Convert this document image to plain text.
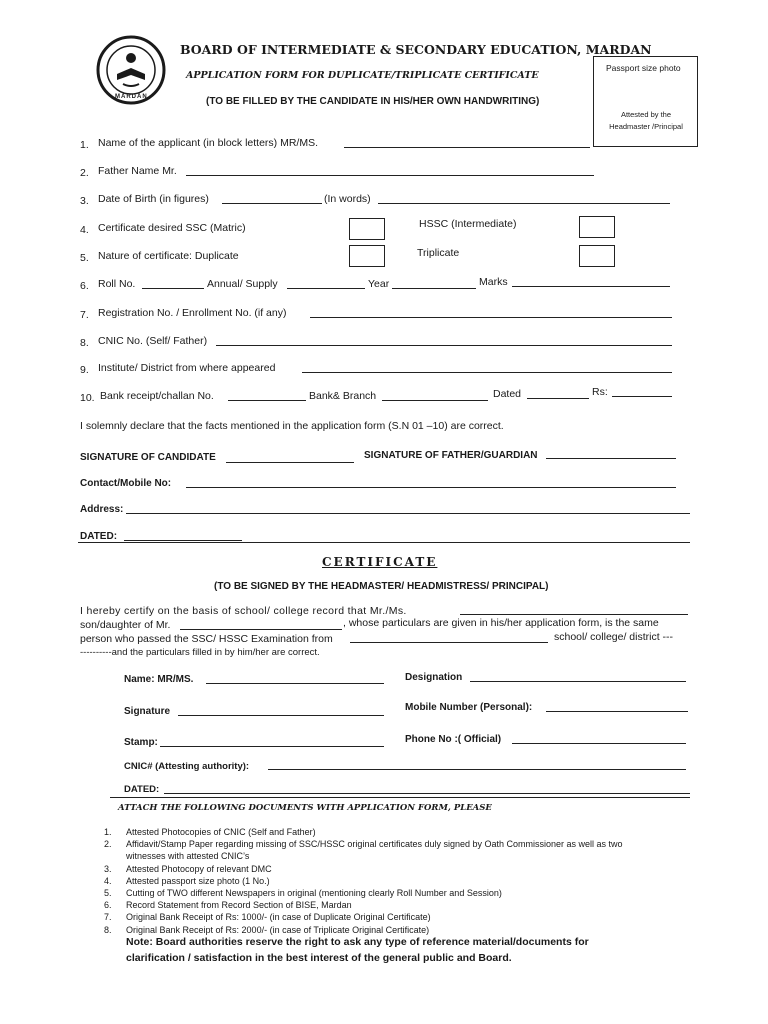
MARDAN
BOARD OF INTERMEDIATE & SECONDARY EDUCATION, MARDAN
APPLICATION FORM FOR DUPLICATE/TRIPLICATE CERTIFICATE
(TO BE FILLED BY THE CANDIDATE IN HIS/HER OWN HANDWRITING)
Passport size photo
Attested by the Headmaster /Principal
1. Name of the applicant (in block letters) MR/MS.
2. Father Name Mr.
3. Date of Birth (in figures)	(In words)
4. Certificate desired SSC (Matric)	HSSC (Intermediate)
5. Nature of certificate: Duplicate	Triplicate
6. Roll No.	Annual/ Supply	Year	Marks
7. Registration No. / Enrollment No. (if any)
8. CNIC No. (Self/ Father)
9. Institute/ District from where appeared
10. Bank receipt/challan No.	Bank& Branch	Dated	Rs:
I solemnly declare that the facts mentioned in the application form (S.N 01 –10) are correct.
SIGNATURE OF CANDIDATE	SIGNATURE OF FATHER/GUARDIAN
Contact/Mobile No:
Address:
DATED:
CERTIFICATE
(TO BE SIGNED BY THE HEADMASTER/ HEADMISTRESS/ PRINCIPAL)
I hereby certify on the basis of school/ college record that Mr./Ms.
son/daughter of Mr.	, whose particulars are given in his/her application form, is the same
person who passed the SSC/ HSSC Examination from	school/ college/ district ---
----------and the particulars filled in by him/her are correct.
Name: MR/MS.	Designation
Signature	Mobile Number (Personal):
Stamp:	Phone No :( Official)
CNIC# (Attesting authority):
DATED:
ATTACH THE FOLLOWING DOCUMENTS WITH APPLICATION FORM, PLEASE
1. Attested Photocopies of CNIC (Self and Father)
2. Affidavit/Stamp Paper regarding missing of SSC/HSSC original certificates duly signed by Oath Commissioner as well as two
witnesses with attested CNIC’s
3. Attested Photocopy of relevant DMC
4. Attested passport size photo (1 No.)
5. Cutting of TWO different Newspapers in original (mentioning clearly Roll Number and Session)
6. Record Statement from Record Section of BISE, Mardan
7. Original Bank Receipt of Rs: 1000/- (in case of Duplicate Original Certificate)
8. Original Bank Receipt of Rs: 2000/- (in case of Triplicate Original Certificate)
Note: Board authorities reserve the right to ask any type of reference material/documents for
clarification / satisfaction in the best interest of the general public and Board.
